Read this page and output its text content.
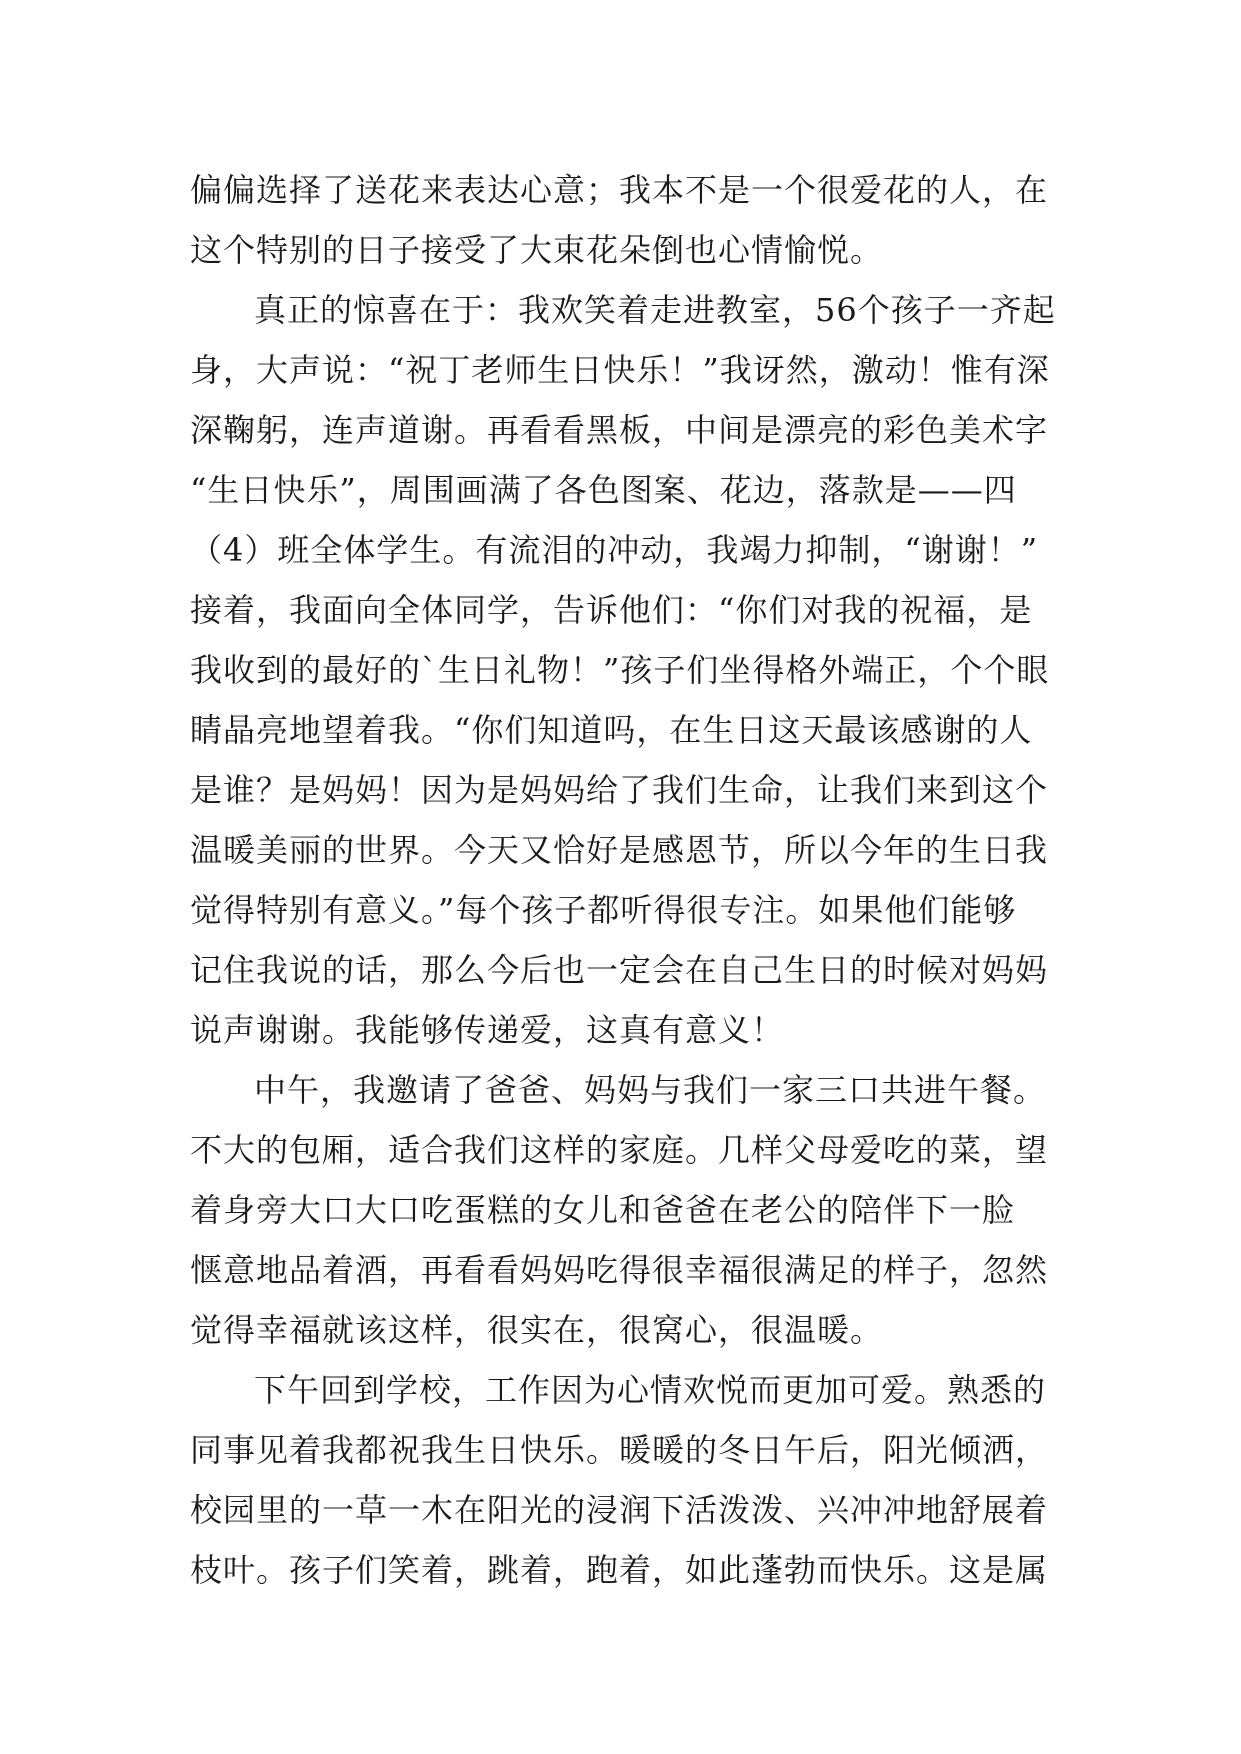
偏偏选择了送花来表达心意；我本不是一个很爱花的人，在
这个特别的日子接受了大束花朵倒也心情愉悦。
真正的惊喜在于：我欢笑着走进教室，56个孩子一齐起
身，大声说：“祝丁老师生日快乐！”我讶然，激动！惟有深
深鞠躬，连声道谢。再看看黑板，中间是漂亮的彩色美术字
“生日快乐”，周围画满了各色图案、花边，落款是——四
（4）班全体学生。有流泪的冲动，我竭力抑制，“谢谢！”
接着，我面向全体同学，告诉他们：“你们对我的祝福，是
我收到的最好的`生日礼物！”孩子们坐得格外端正，个个眼
睛晶亮地望着我。“你们知道吗，在生日这天最该感谢的人
是谁？是妈妈！因为是妈妈给了我们生命，让我们来到这个
温暖美丽的世界。今天又恰好是感恩节，所以今年的生日我
觉得特别有意义。”每个孩子都听得很专注。如果他们能够
记住我说的话，那么今后也一定会在自己生日的时候对妈妈
说声谢谢。我能够传递爱，这真有意义！
中午，我邀请了爸爸、妈妈与我们一家三口共进午餐。
不大的包厢，适合我们这样的家庭。几样父母爱吃的菜，望
着身旁大口大口吃蛋糕的女儿和爸爸在老公的陪伴下一脸
惬意地品着酒，再看看妈妈吃得很幸福很满足的样子，忽然
觉得幸福就该这样，很实在，很窝心，很温暖。
下午回到学校，工作因为心情欢悦而更加可爱。熟悉的
同事见着我都祝我生日快乐。暖暖的冬日午后，阳光倾洒，
校园里的一草一木在阳光的浸润下活泼泼、兴冲冲地舒展着
枝叶。孩子们笑着，跳着，跑着，如此蓬勃而快乐。这是属
